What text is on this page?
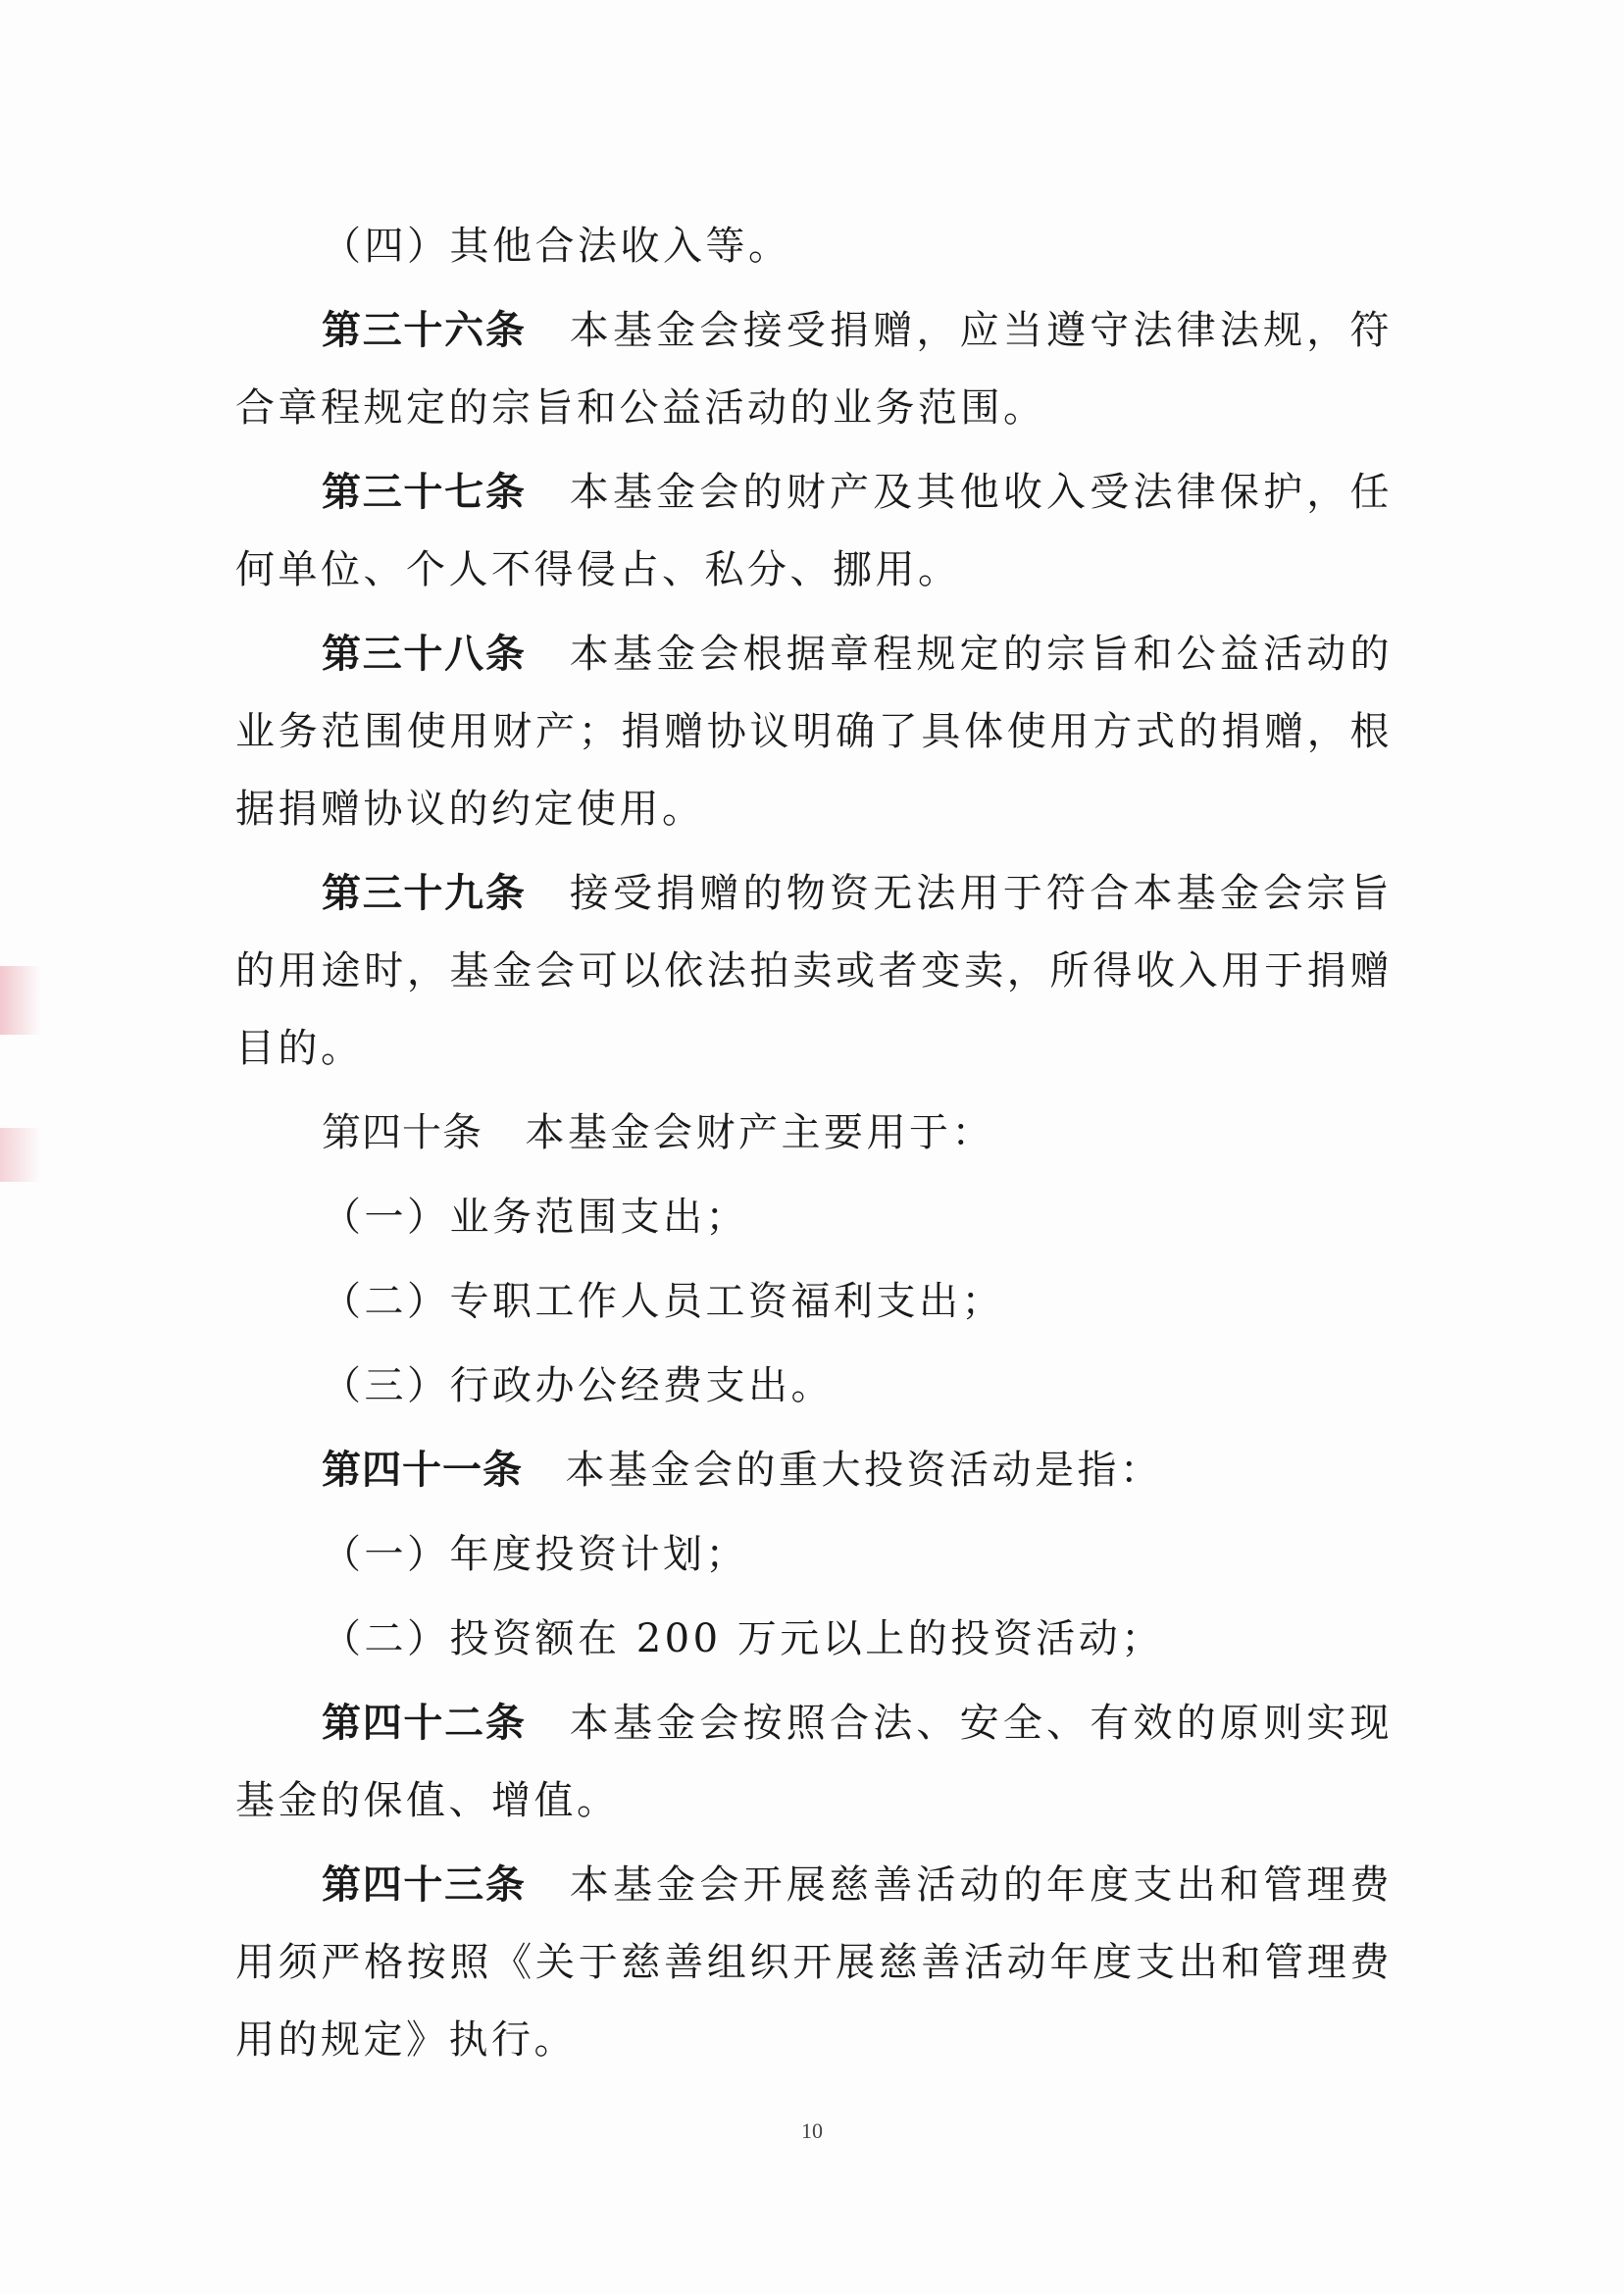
（四）其他合法收入等。

第三十六条　 本基金会接受捐赠，应当遵守法律法规，符合章程规定的宗旨和公益活动的业务范围。

第三十七条　 本基金会的财产及其他收入受法律保护，任何单位、个人不得侵占、私分、挪用。

第三十八条　 本基金会根据章程规定的宗旨和公益活动的业务范围使用财产；捐赠协议明确了具体使用方式的捐赠，根据捐赠协议的约定使用。

第三十九条　 接受捐赠的物资无法用于符合本基金会宗旨的用途时，基金会可以依法拍卖或者变卖，所得收入用于捐赠目的。

第四十条　 本基金会财产主要用于：

（一）业务范围支出；

（二）专职工作人员工资福利支出；

（三）行政办公经费支出。

第四十一条　 本基金会的重大投资活动是指：

（一）年度投资计划；

（二）投资额在 200 万元以上的投资活动；

第四十二条　 本基金会按照合法、安全、有效的原则实现基金的保值、增值。

第四十三条　 本基金会开展慈善活动的年度支出和管理费用须严格按照《关于慈善组织开展慈善活动年度支出和管理费用的规定》执行。

10
